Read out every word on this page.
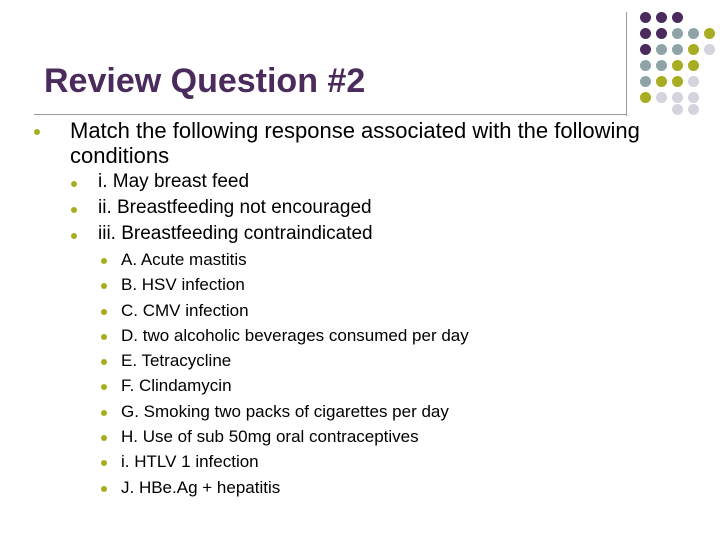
Review Question #2
Match the following response associated with the following conditions
i. May breast feed
ii. Breastfeeding not encouraged
iii. Breastfeeding contraindicated
A. Acute mastitis
B. HSV infection
C. CMV infection
D. two alcoholic beverages consumed per day
E. Tetracycline
F. Clindamycin
G. Smoking two packs of cigarettes per day
H. Use of sub 50mg oral contraceptives
i. HTLV 1 infection
J. HBe.Ag + hepatitis
